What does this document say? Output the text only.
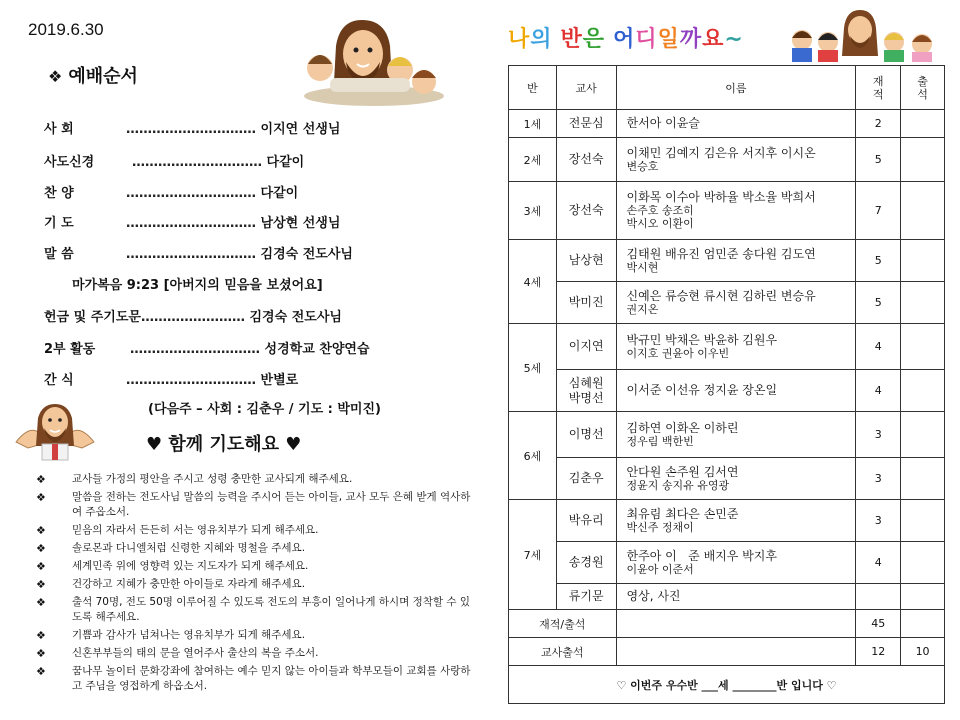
2019.6.30
❖ 예배순서
사 회	………………………… 이지연 선생님
사도신경	………………………… 다같이
찬 양	………………………… 다같이
기 도	………………………… 남상현 선생님
말 씀	………………………… 김경숙 전도사님
마가복음 9:23 [아버지의 믿음을 보셨어요]
헌금 및 주기도문…………………… 김경숙 전도사님
2부 활동	………………………… 성경학교 찬양연습
간 식	………………………… 반별로
(다음주 – 사회 : 김춘우 / 기도 : 박미진)
♥ 함께 기도해요 ♥
❖ 교사들 가정의 평안을 주시고 성령 충만한 교사되게 해주세요.
❖ 말씀을 전하는 전도사님 말씀의 능력을 주시어 듣는 아이들, 교사 모두 은혜 받게 역사하여 주옵소서.
❖ 믿음의 자라서 든든히 서는 영유치부가 되게 해주세요.
❖ 솔로몬과 다니엘처럼 신령한 지혜와 명철을 주세요.
❖ 세계민족 위에 영향력 있는 지도자가 되게 해주세요.
❖ 건강하고 지혜가 충만한 아이들로 자라게 해주세요.
❖ 출석 70명, 전도 50명 이루어질 수 있도록 전도의 부흥이 일어나게 하시며 정착할 수 있도록 해주세요.
❖ 기쁨과 감사가 넘쳐나는 영유치부가 되게 해주세요.
❖ 신혼부부들의 태의 문을 열어주사 출산의 복을 주소서.
❖ 꿈나무 놀이터 문화강좌에 참여하는 예수 믿지 않는 아이들과 학부모들이 교회를 사랑하고 주님을 영접하게 하옵소서.
나의 반은 어디일까요~
반	교사	이름	재적	출석
1세	전문심	한서아 이윤슬	2	
2세	장선숙	이채민 김예지 김은유 서지후 이시온
변승호	5	
3세	장선숙	이화목 이수아 박하율 박소율 박희서
손주호 송조히
박시오 이환이	7	
4세	남상현	김태원 배유진 엄민준 송다원 김도연
박시현	5	
	박미진	신예은 류승현 류시현 김하린 변승유
권지온	5	
5세	이지연	박규민 박채은 박윤하 김원우
이지호 권윤아 이우빈	4	
	심혜원
박명선	이서준 이선유 정지윤 장온일	4	
6세	이명선	김하연 이화온 이하린
정우림 백한빈	3	
	김춘우	안다원 손주원 김서연
정윤지 송지유 유영광	3	
7세	박유리	최유림 최다은 손민준
박신주 정채이	3	
	송경원	한주아 이   준 배지우 박지후
이윤아 이준서	4	
	류기문	영상, 사진		

재적/출석			45	
교사출석			12	10
♡ 이번주 우수반 ___세 ________반 입니다 ♡				
